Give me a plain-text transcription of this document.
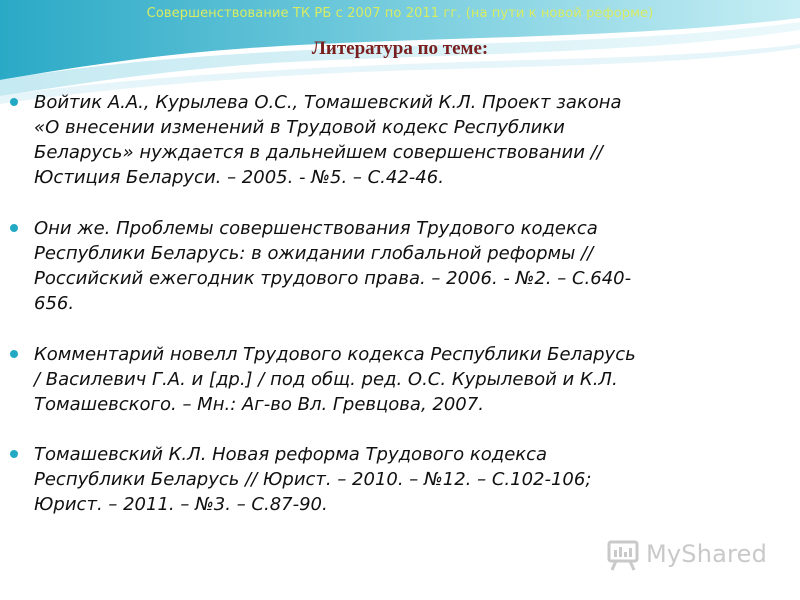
Совершенствование ТК РБ с 2007 по 2011 гг. (на пути к новой реформе)
Литература по теме:
Войтик А.А., Курылева О.С., Томашевский К.Л. Проект закона
«О внесении изменений в Трудовой кодекс Республики
Беларусь» нуждается в дальнейшем совершенствовании //
Юстиция Беларуси. – 2005. - №5. – С.42-46.
Они же. Проблемы совершенствования Трудового кодекса
Республики Беларусь: в ожидании глобальной реформы //
Российский ежегодник трудового права. – 2006. - №2. – С.640-
656.
Комментарий новелл Трудового кодекса Республики Беларусь
/ Василевич Г.А. и [др.] / под общ. ред. О.С. Курылевой и К.Л.
Томашевского. – Мн.: Аг-во Вл. Гревцова, 2007.
Томашевский К.Л. Новая реформа Трудового кодекса
Республики Беларусь // Юрист. – 2010. – №12. – С.102-106;
Юрист. – 2011. – №3. – С.87-90.
MyShared
